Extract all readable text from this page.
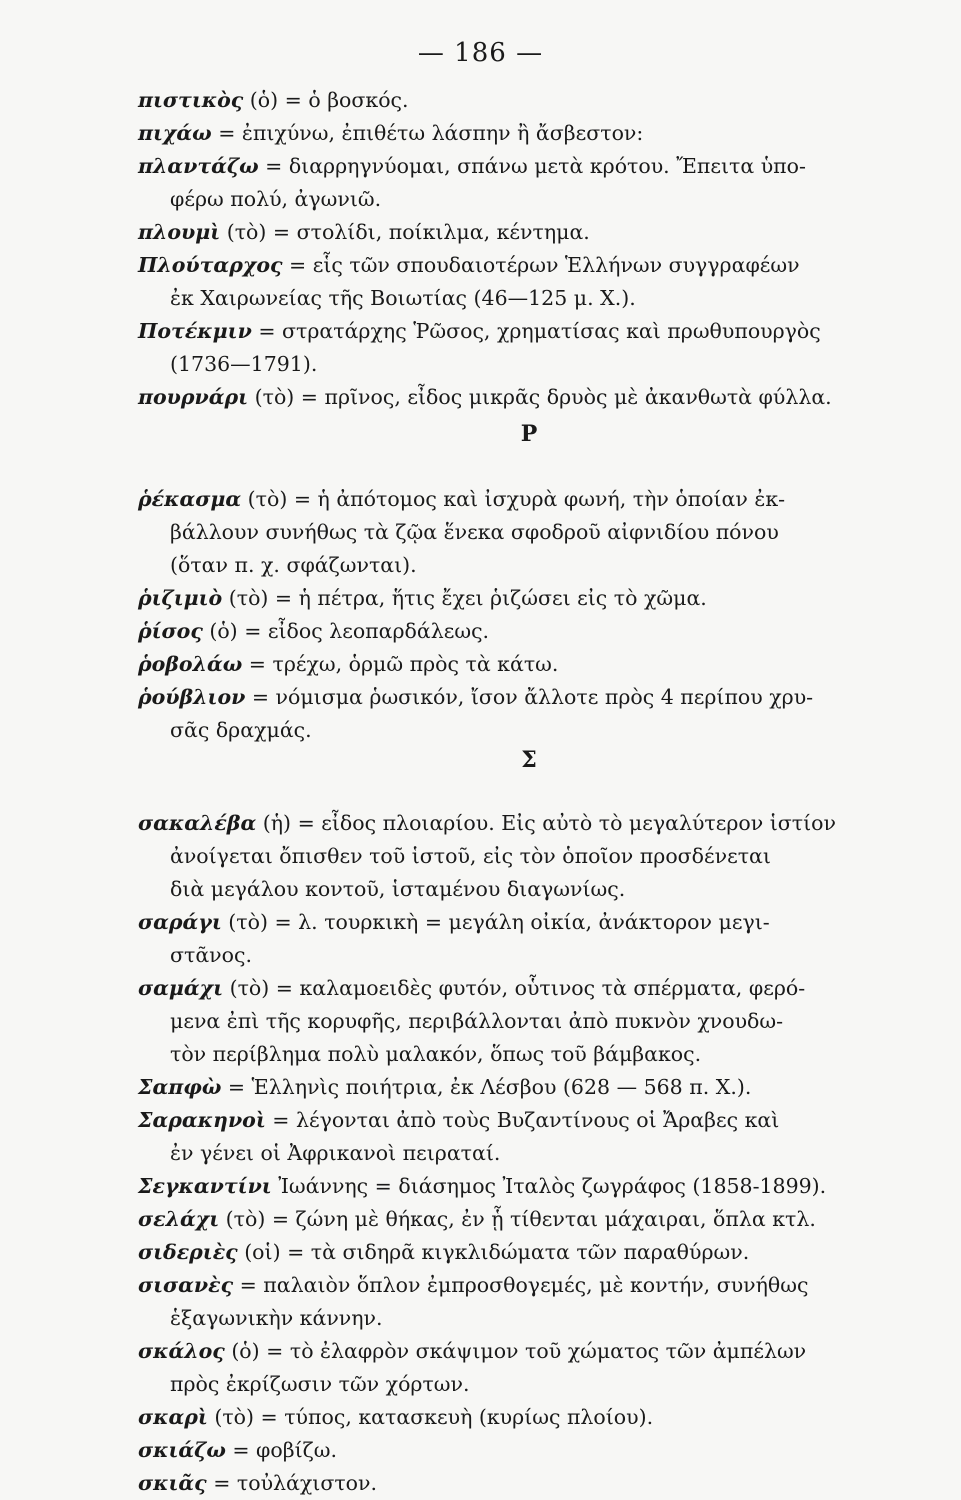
— 186 —

πιστικὸς (ὁ) = ὁ βοσκός.

πιχάω = ἐπιχύνω, ἐπιθέτω λάσπην ἢ ἄσβεστον:

πλαντάζω = διαρρηγνύομαι, σπάνω μετὰ κρότου. Ἔπειτα ὑπο-

φέρω πολύ, ἀγωνιῶ.

πλουμὶ (τὸ) = στολίδι, ποίκιλμα, κέντημα.

Πλούταρχος = εἷς τῶν σπουδαιοτέρων Ἑλλήνων συγγραφέων

ἐκ Χαιρωνείας τῆς Βοιωτίας (46—125 μ. Χ.).

Ποτέκμιν = στρατάρχης Ῥῶσος, χρηματίσας καὶ πρωθυπουργὸς

(1736—1791).

πουρνάρι (τὸ) = πρῖνος, εἶδος μικρᾶς δρυὸς μὲ ἀκανθωτὰ φύλλα.

Ρ

ῥέκασμα (τὸ) = ἡ ἀπότομος καὶ ἰσχυρὰ φωνή, τὴν ὁποίαν ἐκ-

βάλλουν συνήθως τὰ ζῷα ἕνεκα σφοδροῦ αἰφνιδίου πόνου

(ὅταν π. χ. σφάζωνται).

ῥιζιμιὸ (τὸ) = ἡ πέτρα, ἥτις ἔχει ῥιζώσει εἰς τὸ χῶμα.

ῥίσος (ὁ) = εἶδος λεοπαρδάλεως.

ῥοβολάω = τρέχω, ὁρμῶ πρὸς τὰ κάτω.

ῥούβλιον = νόμισμα ῥωσικόν, ἴσον ἄλλοτε πρὸς 4 περίπου χρυ-

σᾶς δραχμάς.

Σ

σακαλέβα (ἡ) = εἶδος πλοιαρίου. Εἰς αὐτὸ τὸ μεγαλύτερον ἱστίον

ἀνοίγεται ὄπισθεν τοῦ ἱστοῦ, εἰς τὸν ὁποῖον προσδένεται

διὰ μεγάλου κοντοῦ, ἱσταμένου διαγωνίως.

σαράγι (τὸ) = λ. τουρκικὴ = μεγάλη οἰκία, ἀνάκτορον μεγι-

στᾶνος.

σαμάχι (τὸ) = καλαμοειδὲς φυτόν, οὗτινος τὰ σπέρματα, φερό-

μενα ἐπὶ τῆς κορυφῆς, περιβάλλονται ἀπὸ πυκνὸν χνουδω-

τὸν περίβλημα πολὺ μαλακόν, ὅπως τοῦ βάμβακος.

Σαπφὼ = Ἑλληνὶς ποιήτρια, ἐκ Λέσβου (628 — 568 π. Χ.).

Σαρακηνοὶ = λέγονται ἀπὸ τοὺς Βυζαντίνους οἱ Ἄραβες καὶ

ἐν γένει οἱ Ἀφρικανοὶ πειραταί.

Σεγκαντίνι Ἰωάννης = διάσημος Ἰταλὸς ζωγράφος (1858-1899).

σελάχι (τὸ) = ζώνη μὲ θήκας, ἐν ᾗ τίθενται μάχαιραι, ὅπλα κτλ.

σιδεριὲς (οἱ) = τὰ σιδηρᾶ κιγκλιδώματα τῶν παραθύρων.

σισανὲς = παλαιὸν ὅπλον ἐμπροσθογεμές, μὲ κοντήν, συνήθως

ἑξαγωνικὴν κάννην.

σκάλος (ὁ) = τὸ ἐλαφρὸν σκάψιμον τοῦ χώματος τῶν ἀμπέλων

πρὸς ἐκρίζωσιν τῶν χόρτων.

σκαρὶ (τὸ) = τύπος, κατασκευὴ (κυρίως πλοίου).

σκιάζω = φοβίζω.

σκιᾶς = τοὐλάχιστον.
